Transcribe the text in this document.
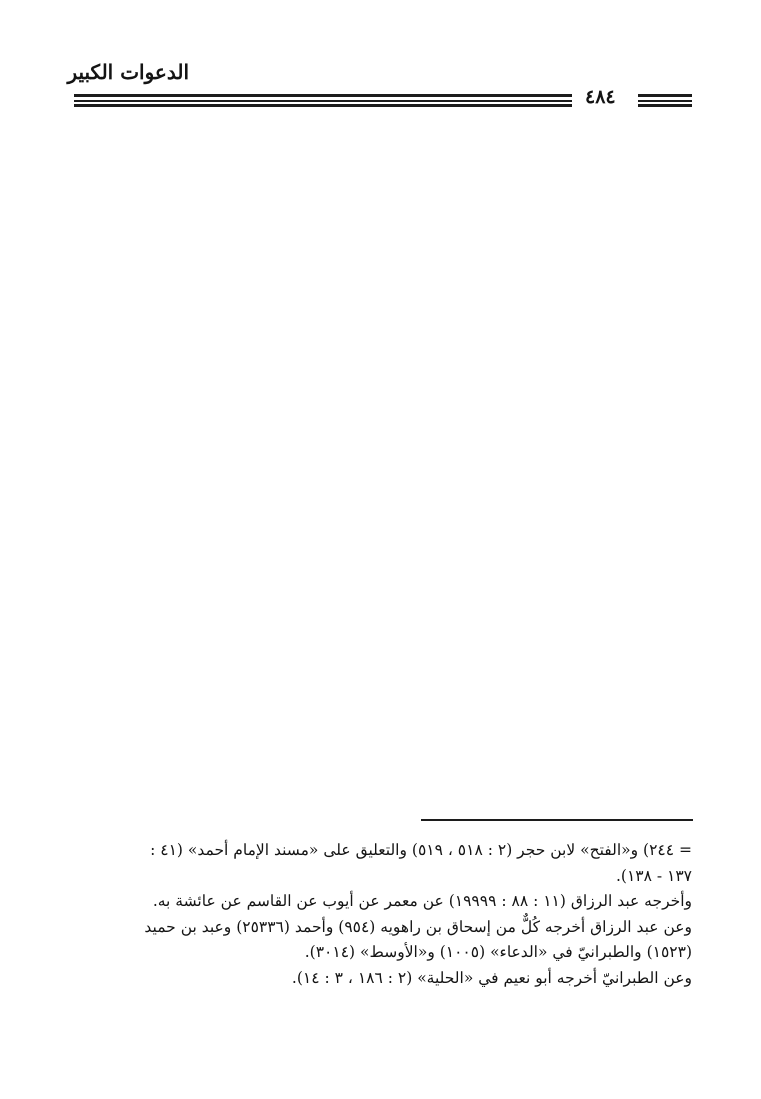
الدعوات الكبير
٤٨٤

= ٢٤٤) و«الفتح» لابن حجر (٢ : ٥١٨ ، ٥١٩) والتعليق على «مسند الإمام أحمد» (٤١ :

١٣٧ - ١٣٨).

وأخرجه عبد الرزاق (١١ : ٨٨ : ١٩٩٩٩) عن معمر عن أيوب عن القاسم عن عائشة به.

وعن عبد الرزاق أخرجه كُلٌّ من إسحاق بن راهويه (٩٥٤) وأحمد (٢٥٣٣٦) وعبد بن حميد

(١٥٢٣) والطبرانيّ في «الدعاء» (١٠٠٥) و«الأوسط» (٣٠١٤).

وعن الطبرانيّ أخرجه أبو نعيم في «الحلية» (٢ : ١٨٦ ، ٣ : ١٤).
